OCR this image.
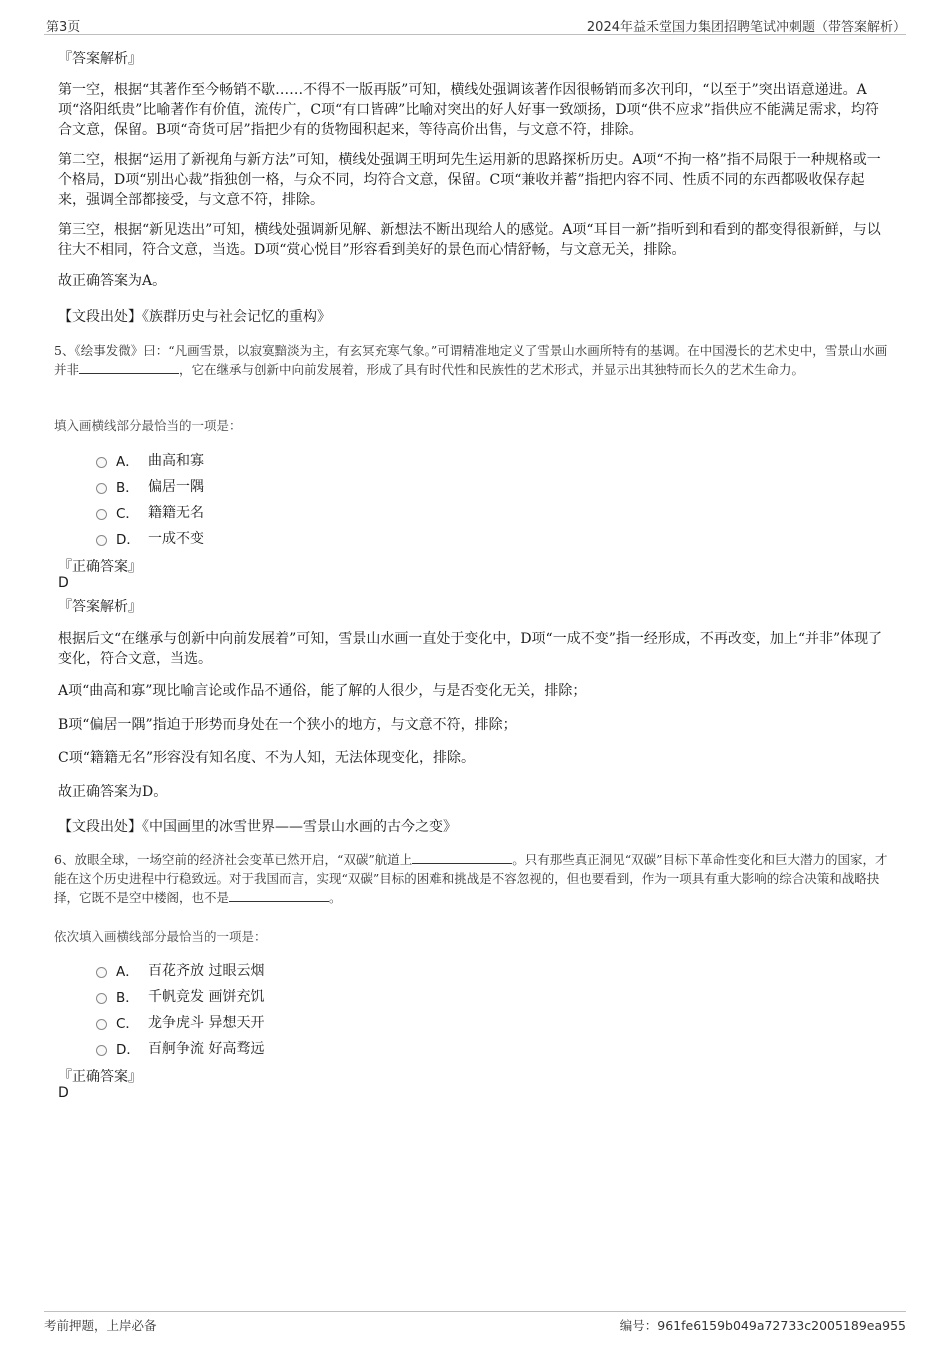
第3页	2024年益禾堂国力集团招聘笔试冲刺题（带答案解析）
『答案解析』
第一空，根据“其著作至今畅销不歇……不得不一版再版”可知，横线处强调该著作因很畅销而多次刊印，“以至于”突出语意递进。A项“洛阳纸贵”比喻著作有价值，流传广，C项“有口皆碑”比喻对突出的好人好事一致颂扬，D项“供不应求”指供应不能满足需求，均符合文意，保留。B项“奇货可居”指把少有的货物囤积起来，等待高价出售，与文意不符，排除。
第二空，根据“运用了新视角与新方法”可知，横线处强调王明珂先生运用新的思路探析历史。A项“不拘一格”指不局限于一种规格或一个格局，D项“别出心裁”指独创一格，与众不同，均符合文意，保留。C项“兼收并蓄”指把内容不同、性质不同的东西都吸收保存起来，强调全部都接受，与文意不符，排除。
第三空，根据“新见迭出”可知，横线处强调新见解、新想法不断出现给人的感觉。A项“耳目一新”指听到和看到的都变得很新鲜，与以往大不相同，符合文意，当选。D项“赏心悦目”形容看到美好的景色而心情舒畅，与文意无关，排除。
故正确答案为A。
【文段出处】《族群历史与社会记忆的重构》
5、《绘事发微》曰：“凡画雪景，以寂寞黯淡为主，有玄冥充寒气象。”可谓精准地定义了雪景山水画所特有的基调。在中国漫长的艺术史中，雪景山水画并非	，它在继承与创新中向前发展着，形成了具有时代性和民族性的艺术形式，并显示出其独特而长久的艺术生命力。
填入画横线部分最恰当的一项是：
A． 曲高和寡
B． 偏居一隅
C． 籍籍无名
D． 一成不变
『正确答案』
D
『答案解析』
根据后文“在继承与创新中向前发展着”可知，雪景山水画一直处于变化中，D项“一成不变”指一经形成，不再改变，加上“并非”体现了变化，符合文意，当选。
A项“曲高和寡”现比喻言论或作品不通俗，能了解的人很少，与是否变化无关，排除；
B项“偏居一隅”指迫于形势而身处在一个狭小的地方，与文意不符，排除；
C项“籍籍无名”形容没有知名度、不为人知，无法体现变化，排除。
故正确答案为D。
【文段出处】《中国画里的冰雪世界——雪景山水画的古今之变》
6、放眼全球，一场空前的经济社会变革已然开启，“双碳”航道上	。只有那些真正洞见“双碳”目标下革命性变化和巨大潜力的国家，才能在这个历史进程中行稳致远。对于我国而言，实现“双碳”目标的困难和挑战是不容忽视的，但也要看到，作为一项具有重大影响的综合决策和战略抉择，它既不是空中楼阁，也不是	。
依次填入画横线部分最恰当的一项是：
A． 百花齐放 过眼云烟
B． 千帆竞发 画饼充饥
C． 龙争虎斗 异想天开
D． 百舸争流 好高骛远
『正确答案』
D
考前押题，上岸必备	编号：961fe6159b049a72733c2005189ea955
